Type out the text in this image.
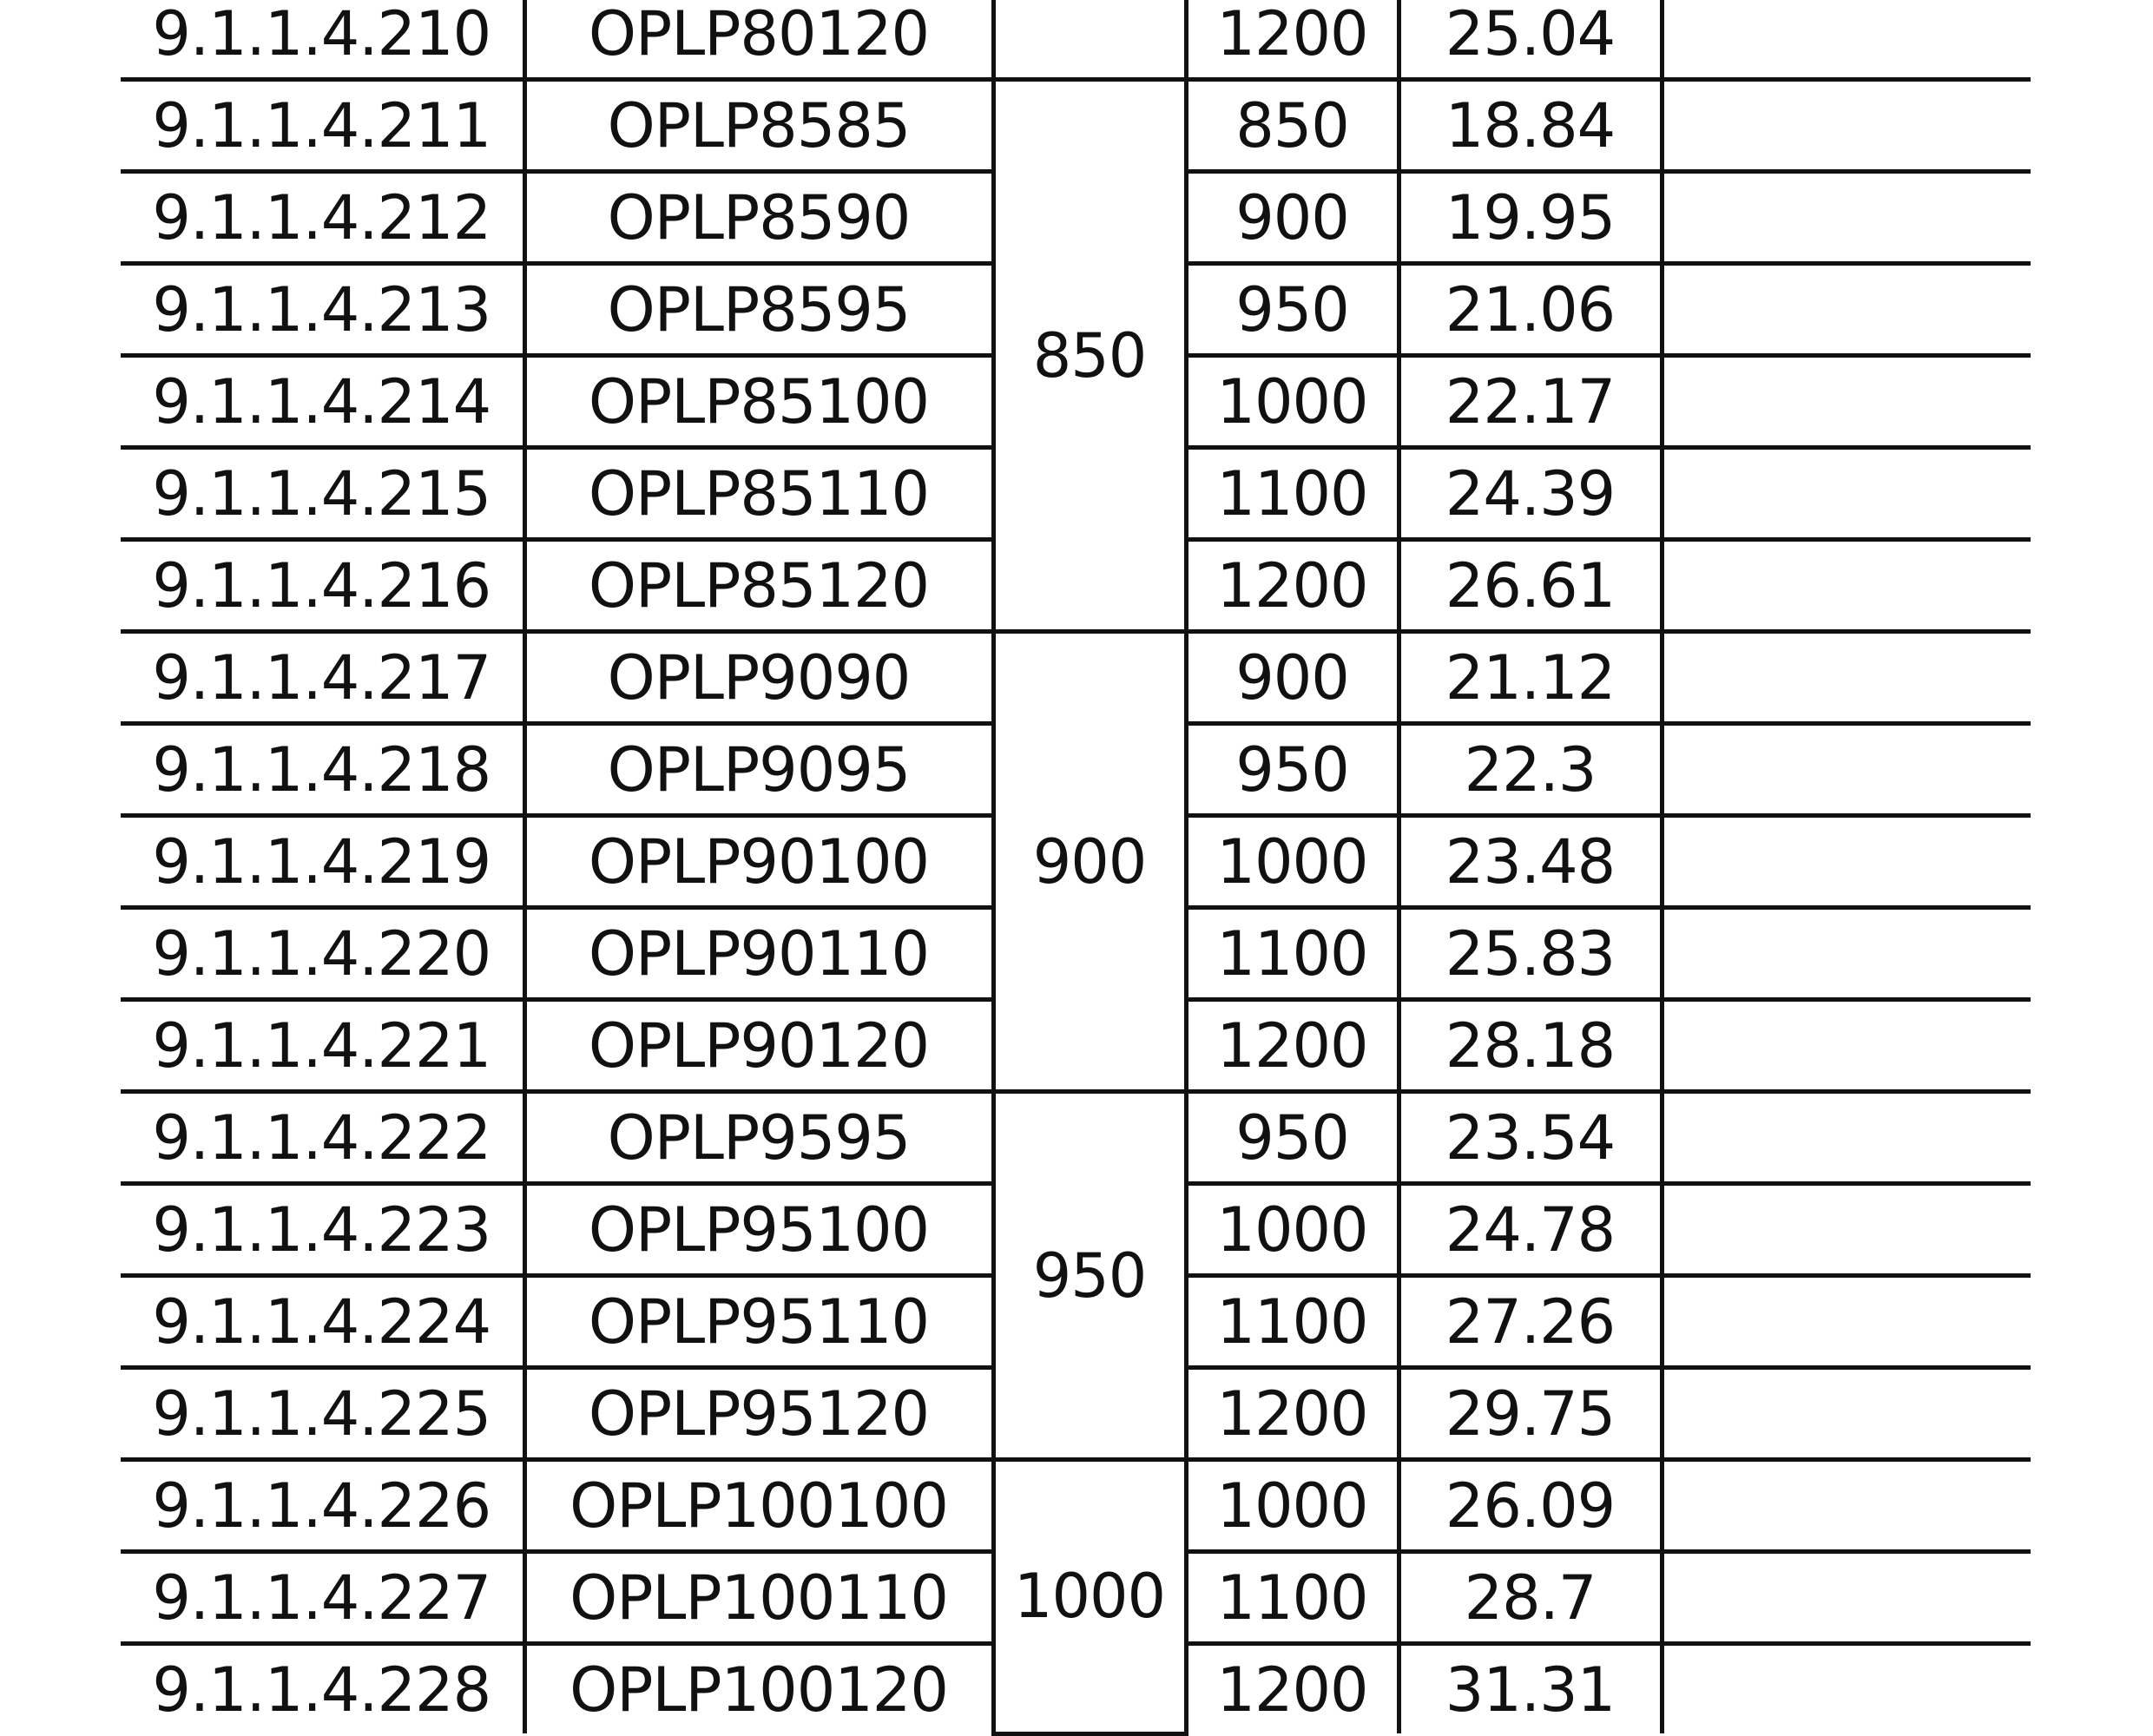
9.1.1.4.210	OPLP80120		1200	25.04	
9.1.1.4.211	OPLP8585	850	850	18.84	
9.1.1.4.212	OPLP8590		900	19.95	
9.1.1.4.213	OPLP8595		950	21.06	
9.1.1.4.214	OPLP85100		1000	22.17	
9.1.1.4.215	OPLP85110		1100	24.39	
9.1.1.4.216	OPLP85120		1200	26.61	
9.1.1.4.217	OPLP9090	900	900	21.12	
9.1.1.4.218	OPLP9095		950	22.3	
9.1.1.4.219	OPLP90100		1000	23.48	
9.1.1.4.220	OPLP90110		1100	25.83	
9.1.1.4.221	OPLP90120		1200	28.18	
9.1.1.4.222	OPLP9595	950	950	23.54	
9.1.1.4.223	OPLP95100		1000	24.78	
9.1.1.4.224	OPLP95110		1100	27.26	
9.1.1.4.225	OPLP95120		1200	29.75	
9.1.1.4.226	OPLP100100	1000	1000	26.09	
9.1.1.4.227	OPLP100110		1100	28.7	
9.1.1.4.228	OPLP100120		1200	31.31	
